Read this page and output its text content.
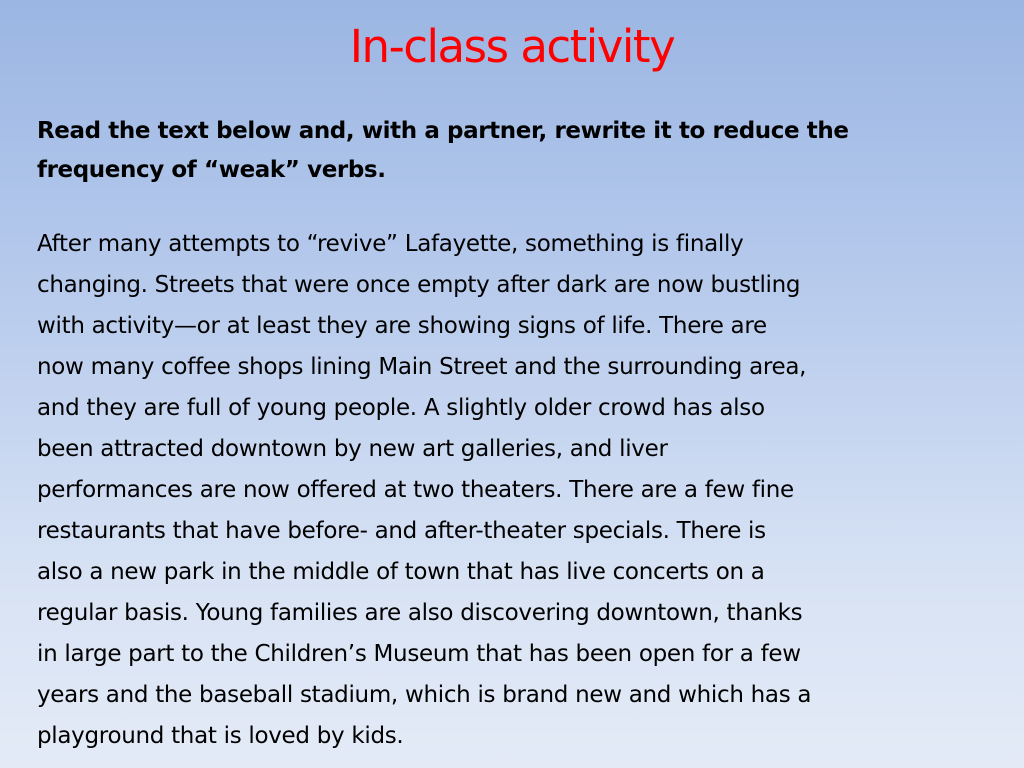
In-class activity
Read the text below and, with a partner, rewrite it to reduce the
frequency of “weak” verbs.
After many attempts to “revive” Lafayette, something is finally
changing. Streets that were once empty after dark are now bustling
with activity—or at least they are showing signs of life. There are
now many coffee shops lining Main Street and the surrounding area,
and they are full of young people. A slightly older crowd has also
been attracted downtown by new art galleries, and liver
performances are now offered at two theaters. There are a few fine
restaurants that have before- and after-theater specials. There is
also a new park in the middle of town that has live concerts on a
regular basis. Young families are also discovering downtown, thanks
in large part to the Children’s Museum that has been open for a few
years and the baseball stadium, which is brand new and which has a
playground that is loved by kids.
